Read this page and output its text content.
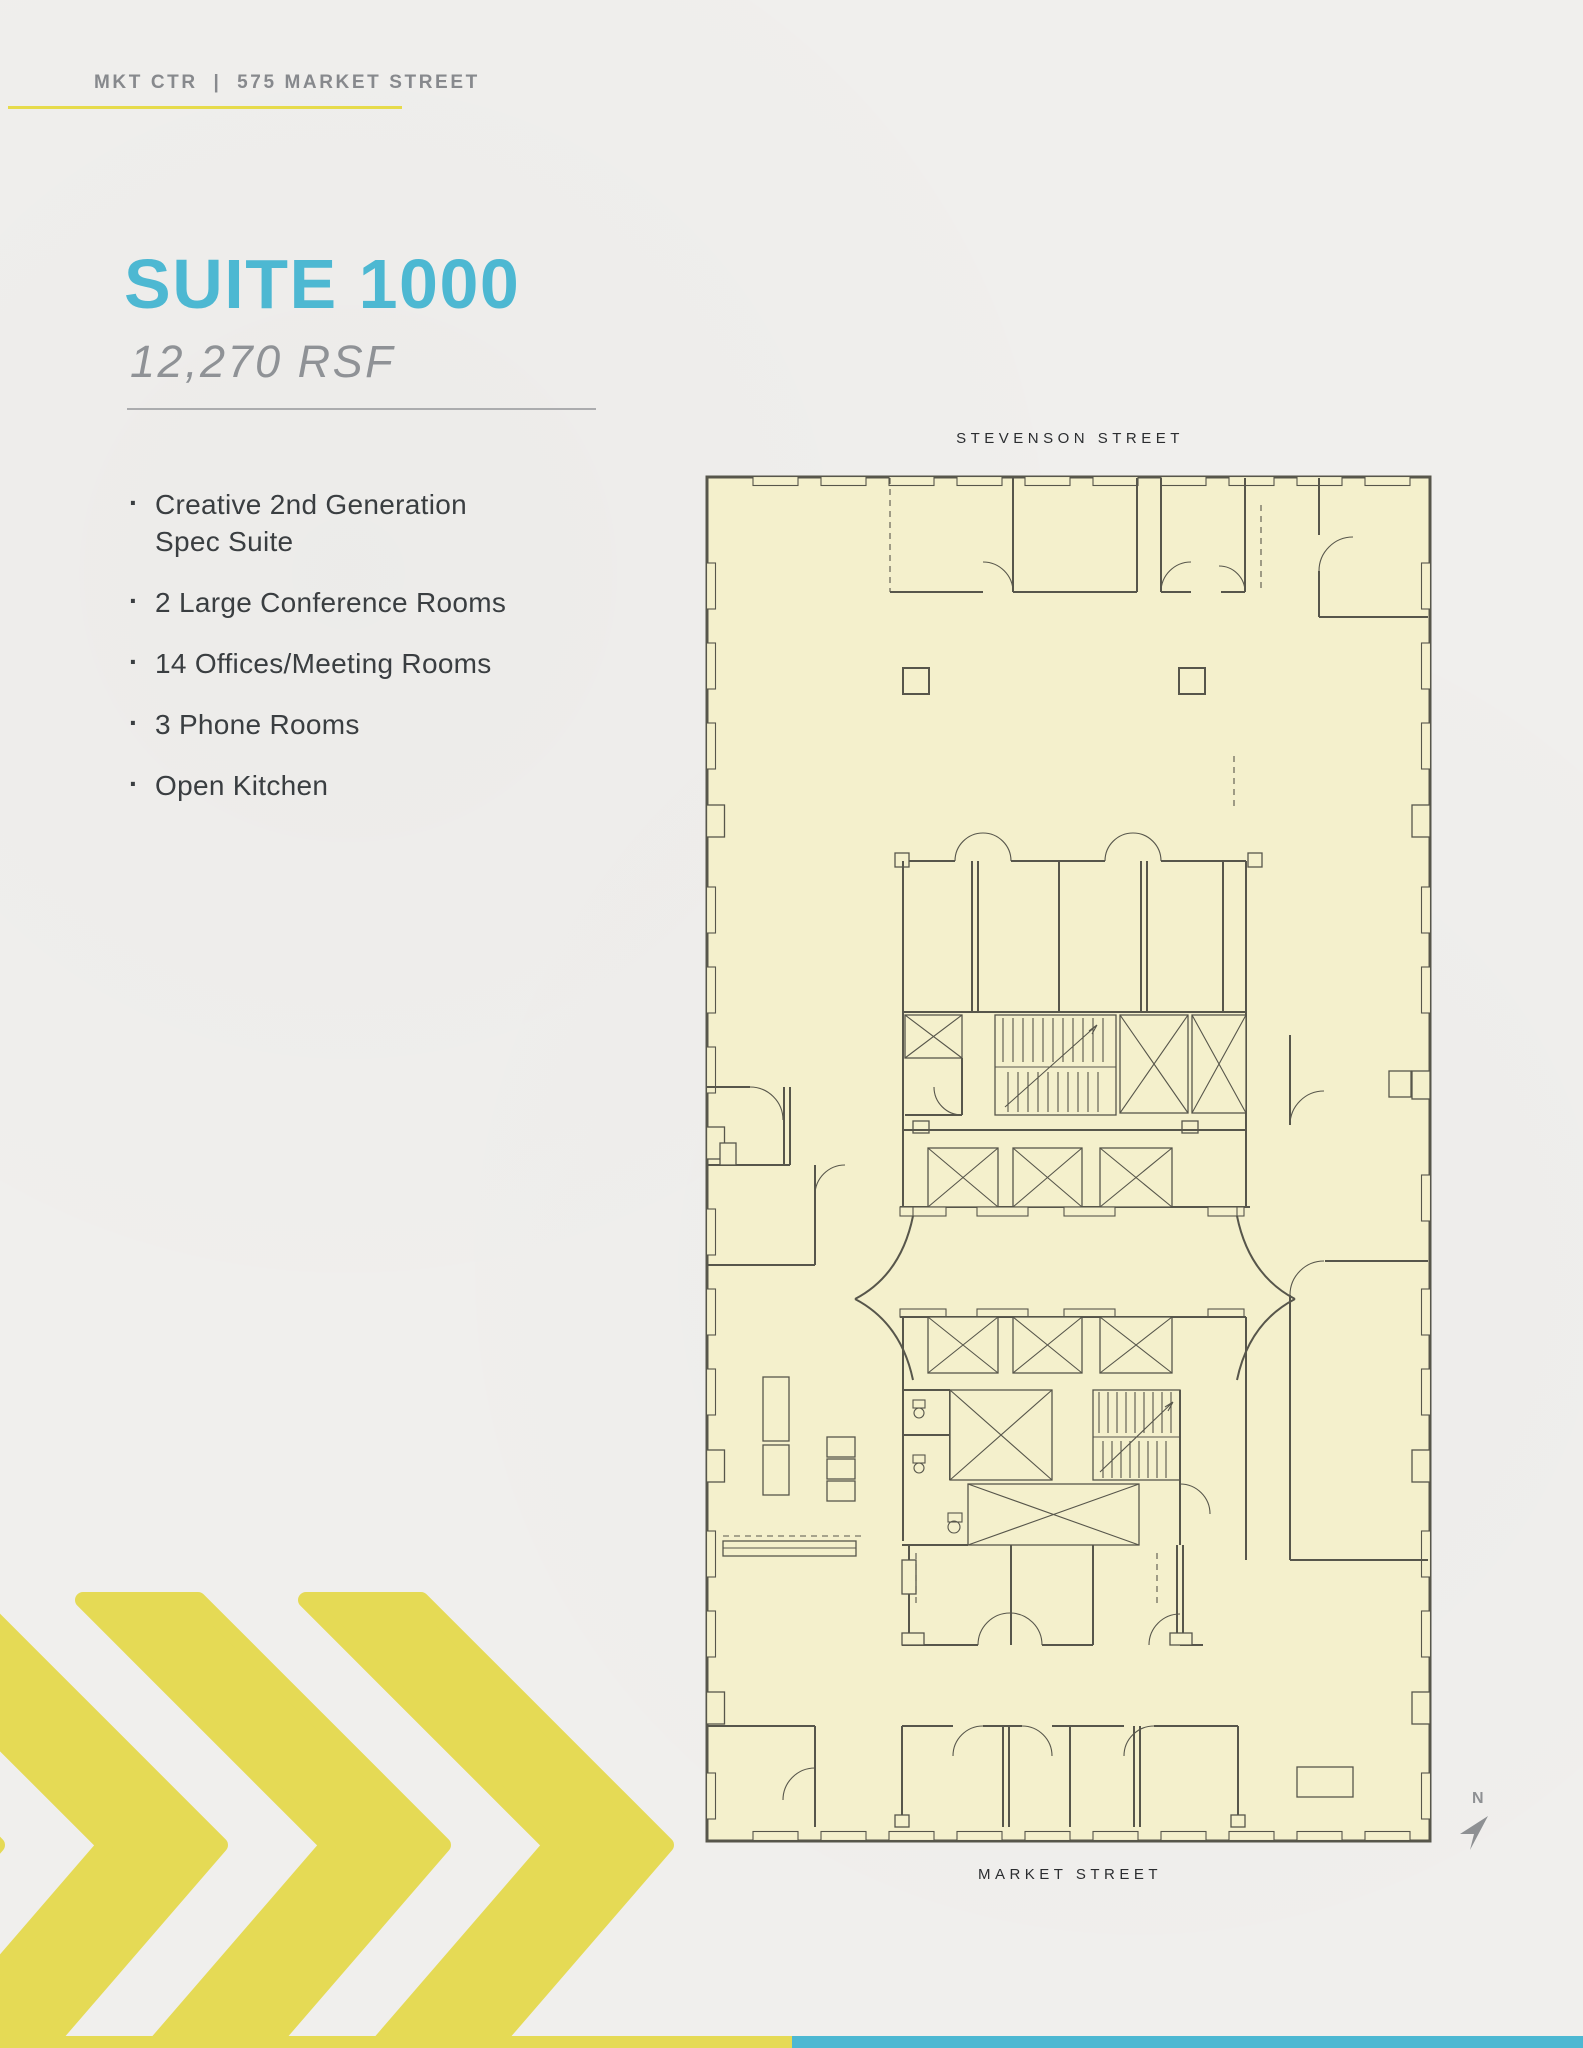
MKT CTR  |  575 MARKET STREET
SUITE 1000
12,270 RSF
· Creative 2nd Generation Spec Suite
· 2 Large Conference Rooms
· 14 Offices/Meeting Rooms
· 3 Phone Rooms
· Open Kitchen
STEVENSON STREET
MARKET STREET
N
